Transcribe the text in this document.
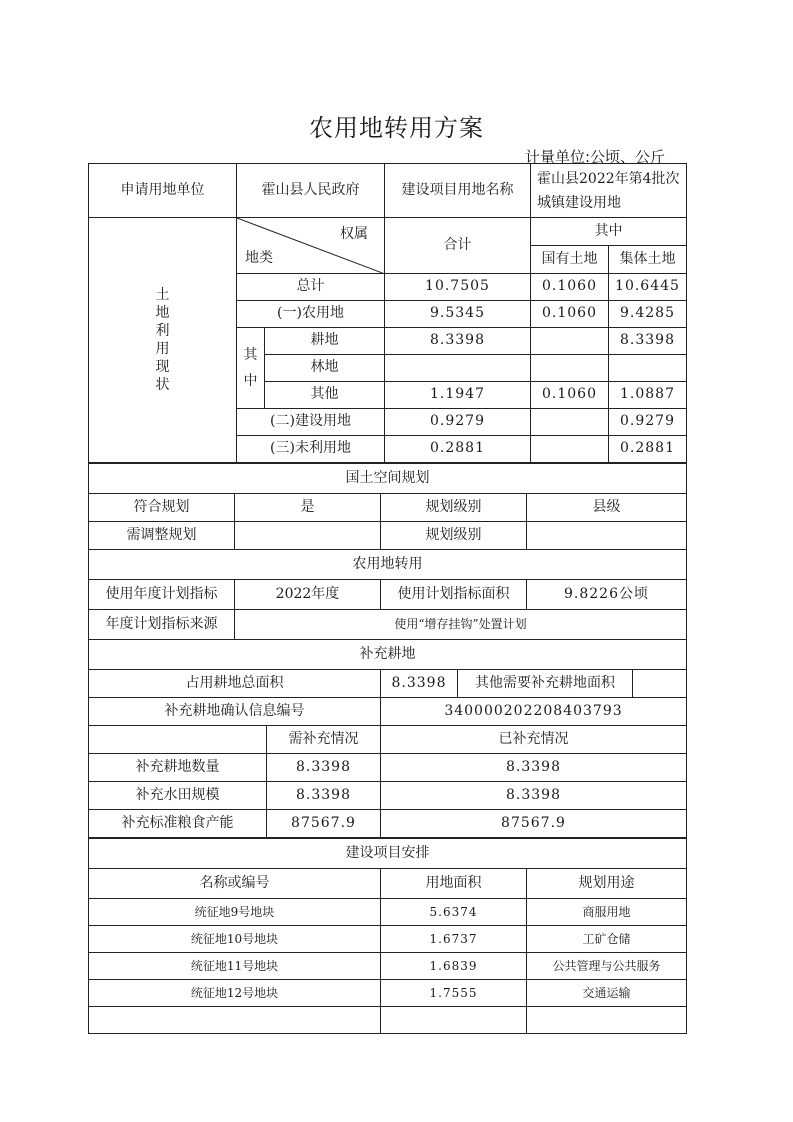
农用地转用方案
计量单位:公顷、公斤
申请用地单位	霍山县人民政府		建设项目用地名称	霍山县2022年第4批次城镇建设用地	
土地利用现状	权属
地类		合计	其中	
				国有土地	集体土地
	总计		10.7505	0.1060	10.6445
	(一)农用地		9.5345	0.1060	9.4285
	其中	耕地	8.3398		8.3398
		林地			
		其他	1.1947	0.1060	1.0887
	(二)建设用地		0.9279		0.9279
	(三)未利用地		0.2881		0.2881
国土空间规划			
符合规划	是	规划级别	县级
需调整规划		规划级别	
农用地转用			
使用年度计划指标	2022年度	使用计划指标面积	9.8226公顷
年度计划指标来源	使用“增存挂钩”处置计划		
补充耕地			
占用耕地总面积		8.3398	其他需要补充耕地面积	
补充耕地确认信息编号		340000202208403793		
	需补充情况	已补充情况		
补充耕地数量	8.3398	8.3398		
补充水田规模	8.3398	8.3398		
补充标准粮食产能	87567.9	87567.9		
建设项目安排		
名称或编号	用地面积	规划用途
统征地9号地块	5.6374	商服用地
统征地10号地块	1.6737	工矿仓储
统征地11号地块	1.6839	公共管理与公共服务
统征地12号地块	1.7555	交通运输
